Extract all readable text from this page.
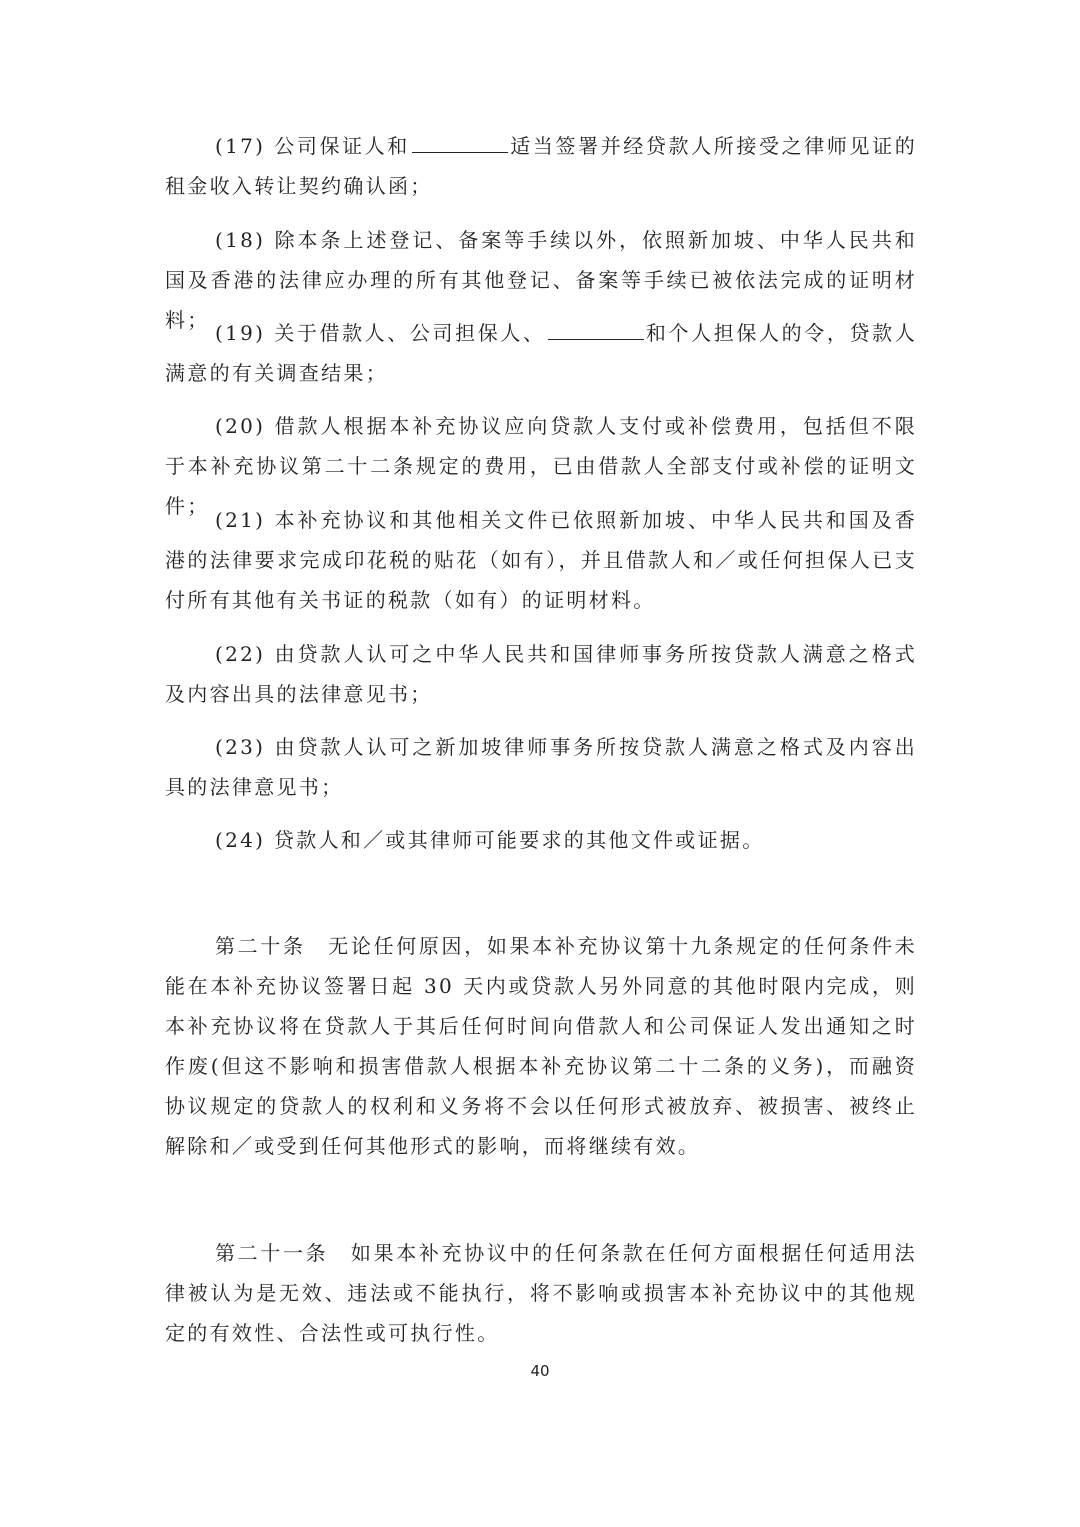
(17) 公司保证人和	适当签署并经贷款人所接受之律师见证的租金收入转让契约确认函；
(18) 除本条上述登记、备案等手续以外，依照新加坡、中华人民共和国及香港的法律应办理的所有其他登记、备案等手续已被依法完成的证明材料；
(19) 关于借款人、公司担保人、	和个人担保人的令，贷款人满意的有关调查结果；
(20) 借款人根据本补充协议应向贷款人支付或补偿费用，包括但不限于本补充协议第二十二条规定的费用，已由借款人全部支付或补偿的证明文件；
(21) 本补充协议和其他相关文件已依照新加坡、中华人民共和国及香港的法律要求完成印花税的贴花（如有），并且借款人和／或任何担保人已支付所有其他有关书证的税款（如有）的证明材料。
(22) 由贷款人认可之中华人民共和国律师事务所按贷款人满意之格式及内容出具的法律意见书；
(23) 由贷款人认可之新加坡律师事务所按贷款人满意之格式及内容出具的法律意见书；
(24) 贷款人和／或其律师可能要求的其他文件或证据。
第二十条　无论任何原因，如果本补充协议第十九条规定的任何条件未能在本补充协议签署日起 30 天内或贷款人另外同意的其他时限内完成，则本补充协议将在贷款人于其后任何时间向借款人和公司保证人发出通知之时作废(但这不影响和损害借款人根据本补充协议第二十二条的义务)，而融资协议规定的贷款人的权利和义务将不会以任何形式被放弃、被损害、被终止解除和／或受到任何其他形式的影响，而将继续有效。
第二十一条　如果本补充协议中的任何条款在任何方面根据任何适用法律被认为是无效、违法或不能执行，将不影响或损害本补充协议中的其他规定的有效性、合法性或可执行性。
40
